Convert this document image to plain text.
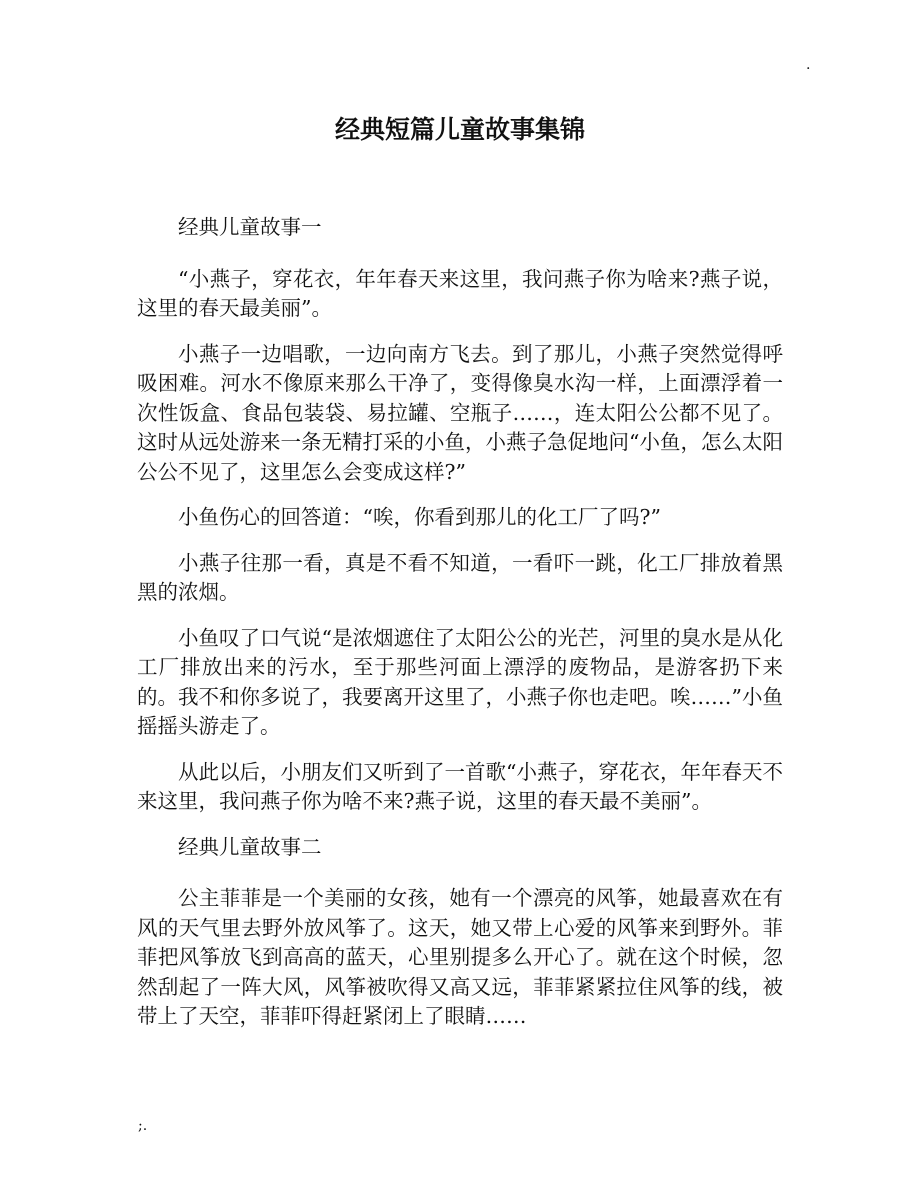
.
经典短篇儿童故事集锦

经典儿童故事一

“小燕子，穿花衣，年年春天来这里，我问燕子你为啥来?燕子说，这里的春天最美丽”。

小燕子一边唱歌，一边向南方飞去。到了那儿，小燕子突然觉得呼吸困难。河水不像原来那么干净了，变得像臭水沟一样，上面漂浮着一次性饭盒、食品包装袋、易拉罐、空瓶子……，连太阳公公都不见了。这时从远处游来一条无精打采的小鱼，小燕子急促地问“小鱼，怎么太阳公公不见了，这里怎么会变成这样?”

小鱼伤心的回答道：“唉，你看到那儿的化工厂了吗?”

小燕子往那一看，真是不看不知道，一看吓一跳，化工厂排放着黑黑的浓烟。

小鱼叹了口气说“是浓烟遮住了太阳公公的光芒，河里的臭水是从化工厂排放出来的污水，至于那些河面上漂浮的废物品，是游客扔下来的。我不和你多说了，我要离开这里了，小燕子你也走吧。唉……”小鱼摇摇头游走了。

从此以后，小朋友们又听到了一首歌“小燕子，穿花衣，年年春天不来这里，我问燕子你为啥不来?燕子说，这里的春天最不美丽”。

经典儿童故事二

公主菲菲是一个美丽的女孩，她有一个漂亮的风筝，她最喜欢在有风的天气里去野外放风筝了。这天，她又带上心爱的风筝来到野外。菲菲把风筝放飞到高高的蓝天，心里别提多么开心了。就在这个时候，忽然刮起了一阵大风，风筝被吹得又高又远，菲菲紧紧拉住风筝的线，被带上了天空，菲菲吓得赶紧闭上了眼睛……

;.
